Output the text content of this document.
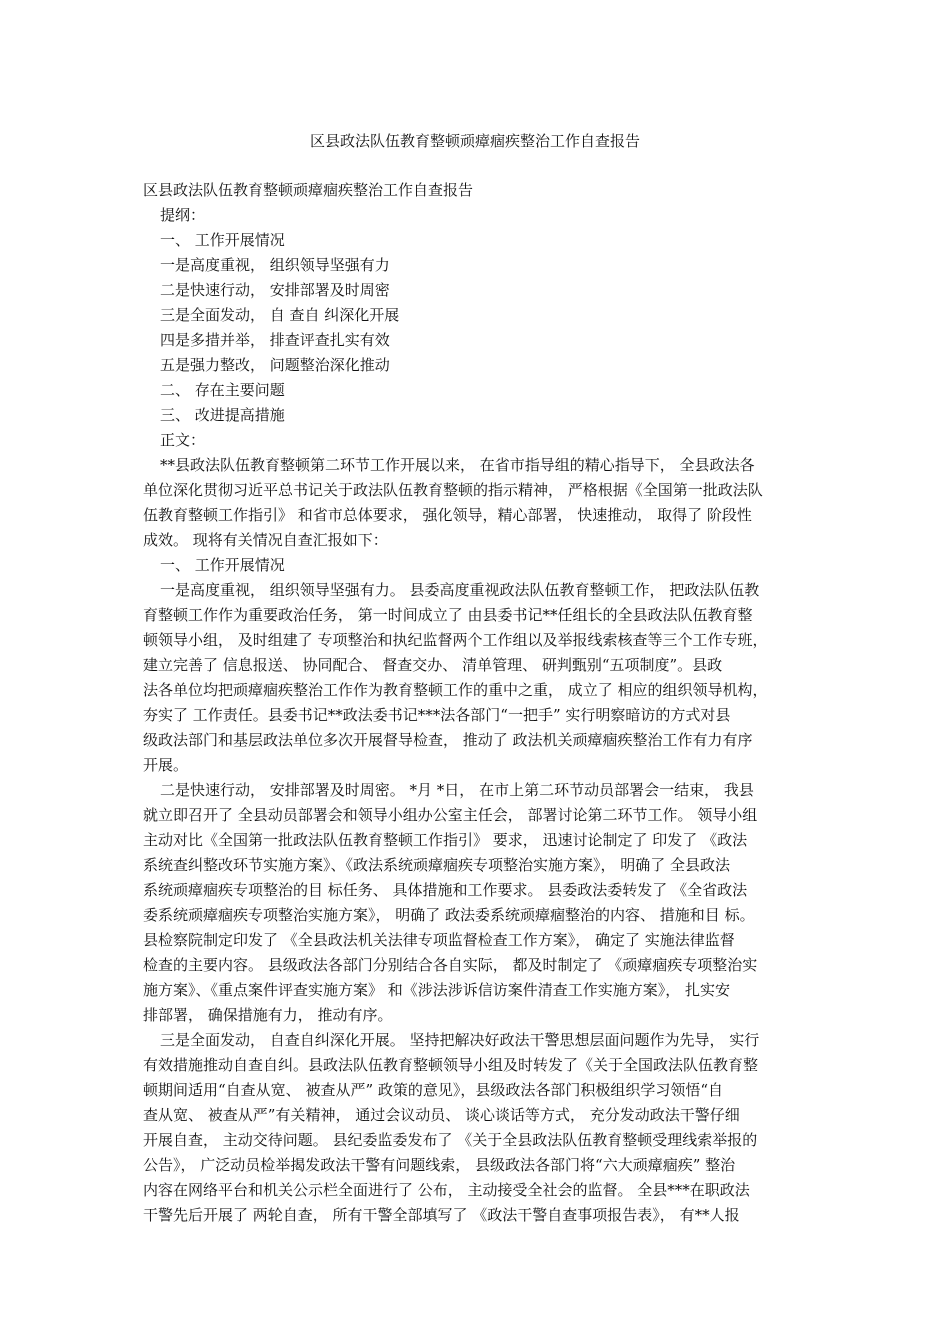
区县政法队伍教育整顿顽瘴痼疾整治工作自查报告
区县政法队伍教育整顿顽瘴痼疾整治工作自查报告
提纲：
一、 工作开展情况
一是高度重视， 组织领导坚强有力
二是快速行动， 安排部署及时周密
三是全面发动， 自 查自 纠深化开展
四是多措并举， 排查评查扎实有效
五是强力整改， 问题整治深化推动
二、 存在主要问题
三、 改进提高措施
正文：
**县政法队伍教育整顿第二环节工作开展以来， 在省市指导组的精心指导下， 全县政法各
单位深化贯彻习近平总书记关于政法队伍教育整顿的指示精神， 严格根据《全国第一批政法队
伍教育整顿工作指引》 和省市总体要求， 强化领导，精心部署， 快速推动， 取得了 阶段性
成效。 现将有关情况自查汇报如下：
一、 工作开展情况
一是高度重视， 组织领导坚强有力。 县委高度重视政法队伍教育整顿工作， 把政法队伍教
育整顿工作作为重要政治任务， 第一时间成立了 由县委书记**任组长的全县政法队伍教育整
顿领导小组， 及时组建了 专项整治和执纪监督两个工作组以及举报线索核查等三个工作专班，
建立完善了 信息报送、 协同配合、 督查交办、 清单管理、 研判甄别“五项制度”。县政
法各单位均把顽瘴痼疾整治工作作为教育整顿工作的重中之重， 成立了 相应的组织领导机构，
夯实了 工作责任。县委书记**政法委书记***法各部门“一把手” 实行明察暗访的方式对县
级政法部门和基层政法单位多次开展督导检查， 推动了 政法机关顽瘴痼疾整治工作有力有序
开展。
二是快速行动， 安排部署及时周密。 *月 *日， 在市上第二环节动员部署会一结束， 我县
就立即召开了 全县动员部署会和领导小组办公室主任会， 部署讨论第二环节工作。 领导小组
主动对比《全国第一批政法队伍教育整顿工作指引》 要求， 迅速讨论制定了 印发了 《政法
系统查纠整改环节实施方案》、《政法系统顽瘴痼疾专项整治实施方案》， 明确了 全县政法
系统顽瘴痼疾专项整治的目 标任务、 具体措施和工作要求。 县委政法委转发了 《全省政法
委系统顽瘴痼疾专项整治实施方案》， 明确了 政法委系统顽瘴痼整治的内容、 措施和目 标。
县检察院制定印发了 《全县政法机关法律专项监督检查工作方案》， 确定了 实施法律监督
检查的主要内容。 县级政法各部门分别结合各自实际， 都及时制定了 《顽瘴痼疾专项整治实
施方案》、《重点案件评查实施方案》 和《涉法涉诉信访案件清查工作实施方案》， 扎实安
排部署， 确保措施有力， 推动有序。
三是全面发动， 自查自纠深化开展。 坚持把解决好政法干警思想层面问题作为先导， 实行
有效措施推动自查自纠。县政法队伍教育整顿领导小组及时转发了《关于全国政法队伍教育整
顿期间适用“自查从宽、 被查从严” 政策的意见》，县级政法各部门积极组织学习领悟“自
查从宽、 被查从严”有关精神， 通过会议动员、 谈心谈话等方式， 充分发动政法干警仔细
开展自查， 主动交待问题。 县纪委监委发布了 《关于全县政法队伍教育整顿受理线索举报的
公告》， 广泛动员检举揭发政法干警有问题线索， 县级政法各部门将“六大顽瘴痼疾” 整治
内容在网络平台和机关公示栏全面进行了 公布， 主动接受全社会的监督。 全县***在职政法
干警先后开展了 两轮自查， 所有干警全部填写了 《政法干警自查事项报告表》， 有**人报
